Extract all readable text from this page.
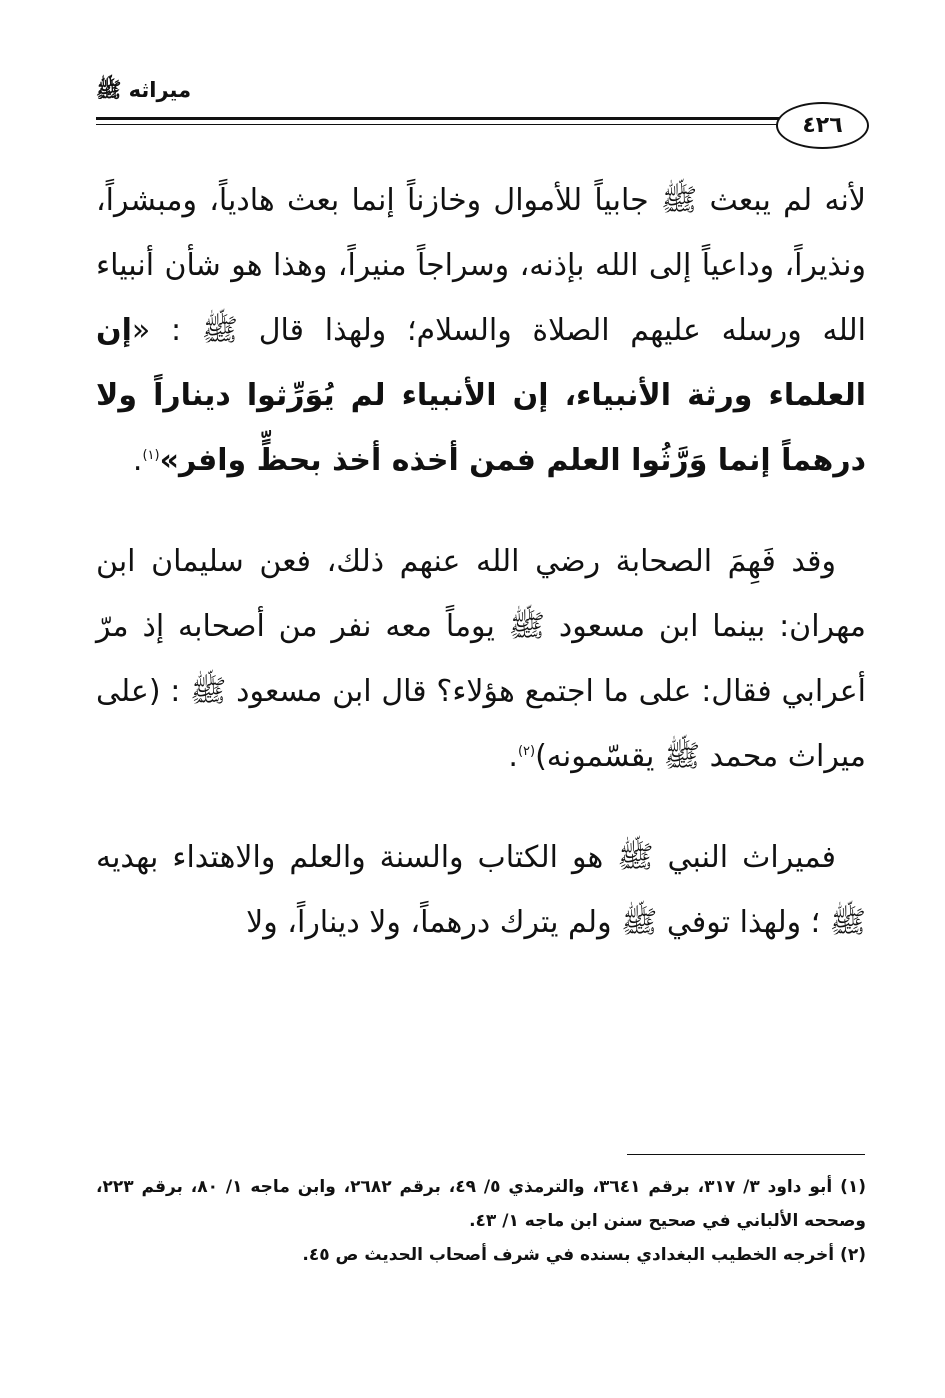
ميراثه ﷺ
٤٢٦

لأنه لم يبعث ﷺ جابياً للأموال وخازناً إنما بعث هادياً، ومبشراً، ونذيراً، وداعياً إلى الله بإذنه، وسراجاً منيراً، وهذا هو شأن أنبياء الله ورسله عليهم الصلاة والسلام؛ ولهذا قال ﷺ : «إن العلماء ورثة الأنبياء، إن الأنبياء لم يُوَرِّثوا ديناراً ولا درهماً إنما وَرَّثُوا العلم فمن أخذه أخذ بحظٍّ وافر»$^{(١)}$.

وقد فَهِمَ الصحابة رضي الله عنهم ذلك، فعن سليمان ابن مهران: بينما ابن مسعود ﷺ يوماً معه نفر من أصحابه إذ مرّ أعرابي فقال: على ما اجتمع هؤلاء؟ قال ابن مسعود ﷺ : (على ميراث محمد ﷺ يقسّمونه)$^{(٢)}$.

فميراث النبي ﷺ هو الكتاب والسنة والعلم والاهتداء بهديه ﷺ ؛ ولهذا توفي ﷺ ولم يترك درهماً، ولا ديناراً، ولا

(١) أبو داود ٣/ ٣١٧، برقم ٣٦٤١، والترمذي ٥/ ٤٩، برقم ٢٦٨٢، وابن ماجه ١/ ٨٠، برقم ٢٢٣، وصححه الألباني في صحيح سنن ابن ماجه ١/ ٤٣.

(٢) أخرجه الخطيب البغدادي بسنده في شرف أصحاب الحديث ص ٤٥.
